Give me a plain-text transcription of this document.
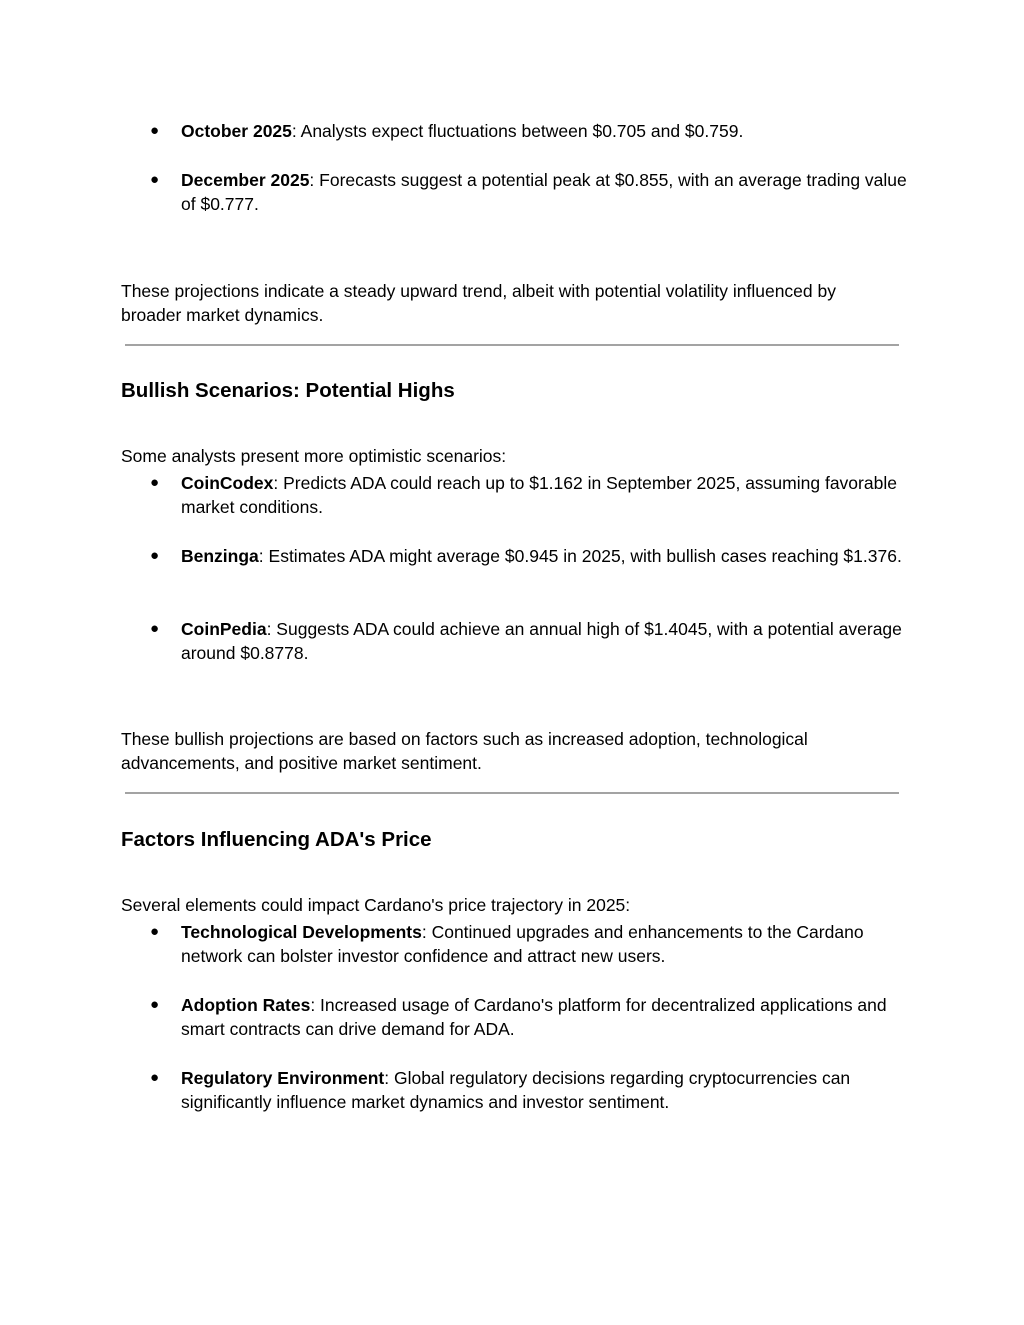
●	October 2025: Analysts expect fluctuations between $0.705 and $0.759.
●	December 2025: Forecasts suggest a potential peak at $0.855, with an average trading value of $0.777.

These projections indicate a steady upward trend, albeit with potential volatility influenced by broader market dynamics.

Bullish Scenarios: Potential Highs

Some analysts present more optimistic scenarios:

●	CoinCodex: Predicts ADA could reach up to $1.162 in September 2025, assuming favorable market conditions.
●	Benzinga: Estimates ADA might average $0.945 in 2025, with bullish cases reaching $1.376.
●	CoinPedia: Suggests ADA could achieve an annual high of $1.4045, with a potential average around $0.8778.

These bullish projections are based on factors such as increased adoption, technological advancements, and positive market sentiment.

Factors Influencing ADA's Price

Several elements could impact Cardano's price trajectory in 2025:

●	Technological Developments: Continued upgrades and enhancements to the Cardano network can bolster investor confidence and attract new users.
●	Adoption Rates: Increased usage of Cardano's platform for decentralized applications and smart contracts can drive demand for ADA.
●	Regulatory Environment: Global regulatory decisions regarding cryptocurrencies can significantly influence market dynamics and investor sentiment.
